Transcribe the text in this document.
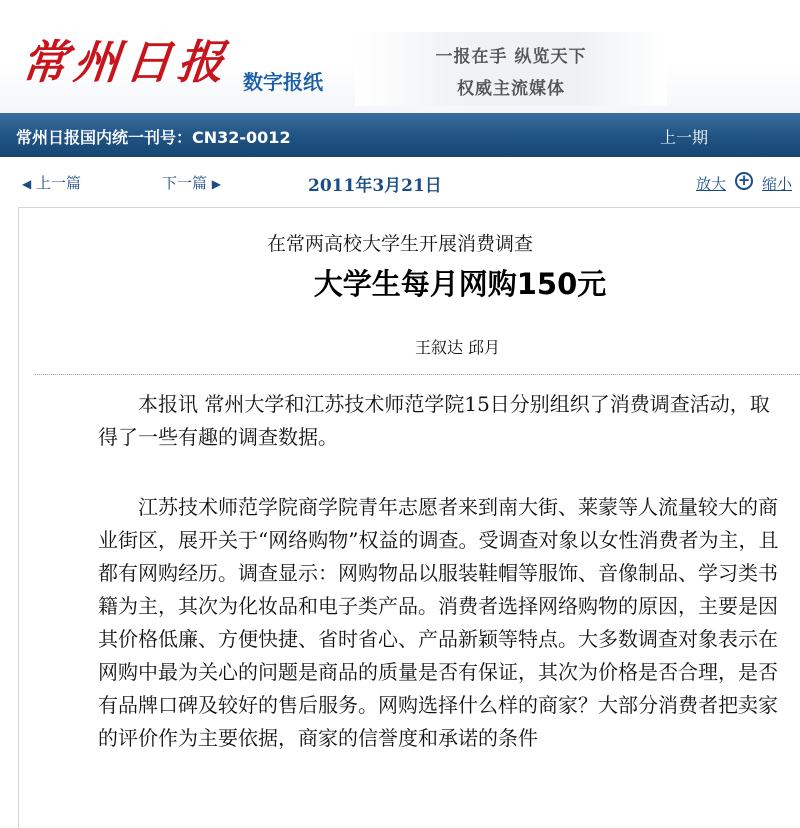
常州日报 数字报纸
一报在手 纵览天下
权威主流媒体
常州日报国内统一刊号：CN32-0012	上一期
◀ 上一篇	下一篇 ▶	2011年3月21日	放大 缩小
+
在常两高校大学生开展消费调查
大学生每月网购150元
王叙达 邱月

本报讯 常州大学和江苏技术师范学院15日分别组织了消费调查活动，取得了一些有趣的调查数据。

江苏技术师范学院商学院青年志愿者来到南大街、莱蒙等人流量较大的商业街区，展开关于“网络购物”权益的调查。受调查对象以女性消费者为主，且都有网购经历。调查显示：网购物品以服装鞋帽等服饰、音像制品、学习类书籍为主，其次为化妆品和电子类产品。消费者选择网络购物的原因，主要是因其价格低廉、方便快捷、省时省心、产品新颖等特点。大多数调查对象表示在网购中最为关心的问题是商品的质量是否有保证，其次为价格是否合理，是否有品牌口碑及较好的售后服务。网购选择什么样的商家？大部分消费者把卖家的评价作为主要依据，商家的信誉度和承诺的条件
